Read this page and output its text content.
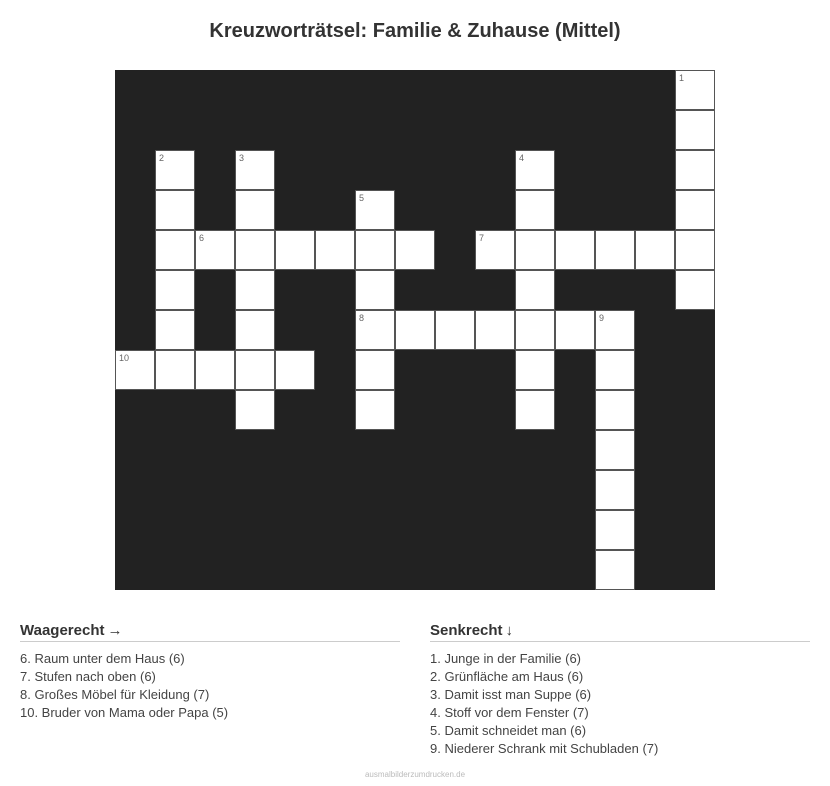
Kreuzworträtsel: Familie & Zuhause (Mittel)
1
2	3	4
5
6	7
8	9
10
Waagerecht →
6. Raum unter dem Haus (6)
7. Stufen nach oben (6)
8. Großes Möbel für Kleidung (7)
10. Bruder von Mama oder Papa (5)
Senkrecht ↓
1. Junge in der Familie (6)
2. Grünfläche am Haus (6)
3. Damit isst man Suppe (6)
4. Stoff vor dem Fenster (7)
5. Damit schneidet man (6)
9. Niederer Schrank mit Schubladen (7)
ausmalbilderzumdrucken.de
